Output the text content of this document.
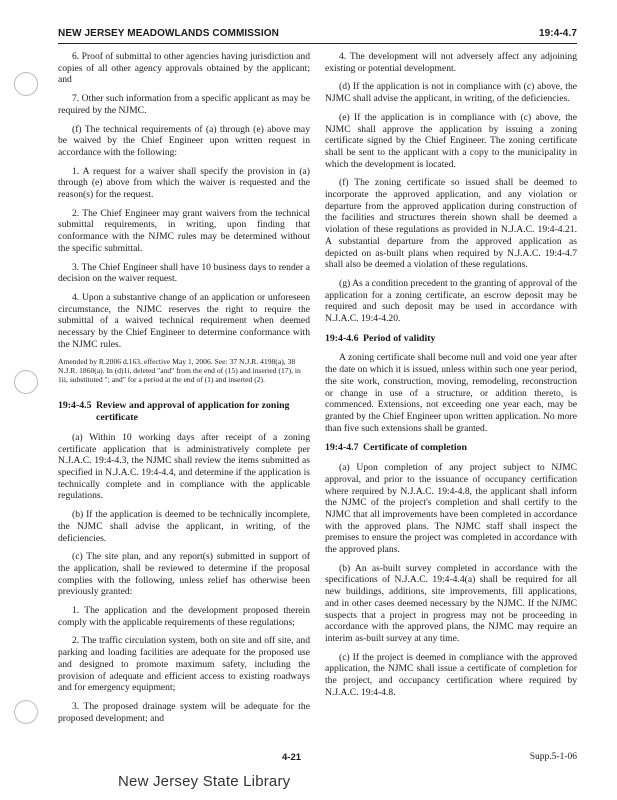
NEW JERSEY MEADOWLANDS COMMISSION	19:4-4.7

6. Proof of submittal to other agencies having jurisdiction and copies of all other agency approvals obtained by the applicant; and

7. Other such information from a specific applicant as may be required by the NJMC.

(f) The technical requirements of (a) through (e) above may be waived by the Chief Engineer upon written request in accordance with the following:

1. A request for a waiver shall specify the provision in (a) through (e) above from which the waiver is requested and the reason(s) for the request.

2. The Chief Engineer may grant waivers from the technical submittal requirements, in writing, upon finding that conformance with the NJMC rules may be determined without the specific submittal.

3. The Chief Engineer shall have 10 business days to render a decision on the waiver request.

4. Upon a substantive change of an application or unforeseen circumstance, the NJMC reserves the right to require the submittal of a waived technical requirement when deemed necessary by the Chief Engineer to determine conformance with the NJMC rules.

Amended by R.2006 d.163, effective May 1, 2006. See: 37 N.J.R. 4198(a), 38 N.J.R. 1860(a). In (d)1i, deleted "and" from the end of (15) and inserted (17), in 1ii, substituted "; and" for a period at the end of (1) and inserted (2).

19:4-4.5 Review and approval of application for zoning certificate

(a) Within 10 working days after receipt of a zoning certificate application that is administratively complete per N.J.A.C. 19:4-4.3, the NJMC shall review the items submitted as specified in N.J.A.C. 19:4-4.4, and determine if the application is technically complete and in compliance with the applicable regulations.

(b) If the application is deemed to be technically incomplete, the NJMC shall advise the applicant, in writing, of the deficiencies.

(c) The site plan, and any report(s) submitted in support of the application, shall be reviewed to determine if the proposal complies with the following, unless relief has otherwise been previously granted:

1. The application and the development proposed therein comply with the applicable requirements of these regulations;

2. The traffic circulation system, both on site and off site, and parking and loading facilities are adequate for the proposed use and designed to promote maximum safety, including the provision of adequate and efficient access to existing roadways and for emergency equipment;

3. The proposed drainage system will be adequate for the proposed development; and

4. The development will not adversely affect any adjoining existing or potential development.

(d) If the application is not in compliance with (c) above, the NJMC shall advise the applicant, in writing, of the deficiencies.

(e) If the application is in compliance with (c) above, the NJMC shall approve the application by issuing a zoning certificate signed by the Chief Engineer. The zoning certificate shall be sent to the applicant with a copy to the municipality in which the development is located.

(f) The zoning certificate so issued shall be deemed to incorporate the approved application, and any violation or departure from the approved application during construction of the facilities and structures therein shown shall be deemed a violation of these regulations as provided in N.J.A.C. 19:4-4.21. A substantial departure from the approved application as depicted on as-built plans when required by N.J.A.C. 19:4-4.7 shall also be deemed a violation of these regulations.

(g) As a condition precedent to the granting of approval of the application for a zoning certificate, an escrow deposit may be required and such deposit may be used in accordance with N.J.A.C. 19:4-4.20.

19:4-4.6 Period of validity

A zoning certificate shall become null and void one year after the date on which it is issued, unless within such one year period, the site work, construction, moving, remodeling, reconstruction or change in use of a structure, or addition thereto, is commenced. Extensions, not exceeding one year each, may be granted by the Chief Engineer upon written application. No more than five such extensions shall be granted.

19:4-4.7 Certificate of completion

(a) Upon completion of any project subject to NJMC approval, and prior to the issuance of occupancy certification where required by N.J.A.C. 19:4-4.8, the applicant shall inform the NJMC of the project's completion and shall certify to the NJMC that all improvements have been completed in accordance with the approved plans. The NJMC staff shall inspect the premises to ensure the project was completed in accordance with the approved plans.

(b) An as-built survey completed in accordance with the specifications of N.J.A.C. 19:4-4.4(a) shall be required for all new buildings, additions, site improvements, fill applications, and in other cases deemed necessary by the NJMC. If the NJMC suspects that a project in progress may not be proceeding in accordance with the approved plans, the NJMC may require an interim as-built survey at any time.

(c) If the project is deemed in compliance with the approved application, the NJMC shall issue a certificate of completion for the project, and occupancy certification where required by N.J.A.C. 19:4-4.8.

4-21	Supp.5-1-06
New Jersey State Library
